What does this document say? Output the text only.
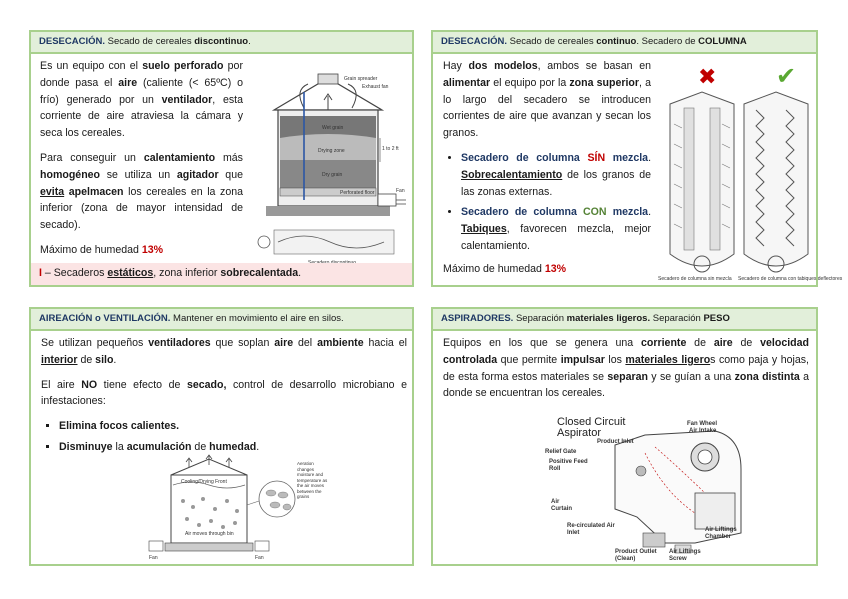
DESECACIÓN. Secado de cereales discontinuo.

Es un equipo con el suelo perforado por donde pasa el aire (caliente (< 65ºC) o frío) generado por un ventilador, esta corriente de aire atraviesa la cámara y seca los cereales.

Para conseguir un calentamiento más homogéneo se utiliza un agitador que evita apelmacen los cereales en la zona inferior (zona de mayor intensidad de secado).

Máximo de humedad 13%

Grain spreader
Exhaust fan
Wet grain
Drying zone
Dry grain
Perforated floor
1 to 2 ft
Fan
I – Secaderos estáticos, zona inferior sobrecalentada.
DESECACIÓN. Secado de cereales continuo. Secadero de COLUMNA

Hay dos modelos, ambos se basan en alimentar el equipo por la zona superior, a lo largo del secadero se introducen corrientes de aire que avanzan y secan los granos.

• Secadero de columna SÍN mezcla. Sobrecalentamiento de los granos de las zonas externas.
• Secadero de columna CON mezcla. Tabiques, favorecen mezcla, mejor calentamiento.

Máximo de humedad 13%

✖ ✔
Secadero de columna sin mezcla Secadero de columna con tabiques deflectores
AIREACIÓN o VENTILACIÓN. Mantener en movimiento el aire en silos.

Se utilizan pequeños ventiladores que soplan aire del ambiente hacia el interior de silo.

El aire NO tiene efecto de secado, control de desarrollo microbiano e infestaciones:

▪ Elimina focos calientes.
▪ Disminuye la acumulación de humedad.
Cooling/Drying Front
Air moves through bin
Fan	Fan
Aeration changes moisture and temperature as the air moves between the grains
ASPIRADORES. Separación materiales ligeros. Separación PESO

Equipos en los que se genera una corriente de aire de velocidad controlada que permite impulsar los materiales ligeros como paja y hojas, de esta forma estos materiales se separan y se guían a una zona distinta a donde se encuentran los cereales.

Closed Circuit
Aspirator
Product Inlet
Fan Wheel
Air Intake
Relief Gate
Positive Feed Roll
Air Curtain
Re-circulated Air Inlet	Air Liftings Chamber
Product Outlet (Clean)
Air Liftings Screw
